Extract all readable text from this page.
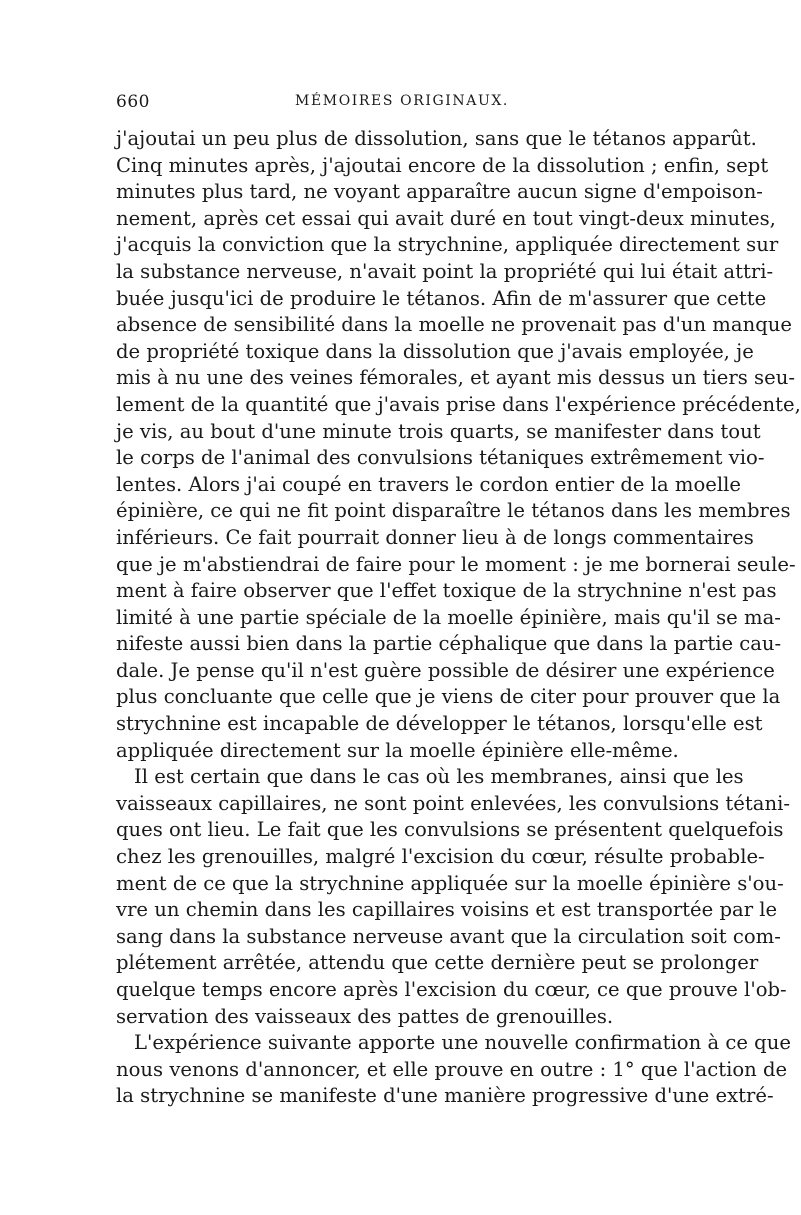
660	MÉMOIRES ORIGINAUX.
j'ajoutai un peu plus de dissolution, sans que le tétanos apparût.
Cinq minutes après, j'ajoutai encore de la dissolution ; enfin, sept
minutes plus tard, ne voyant apparaître aucun signe d'empoison-
nement, après cet essai qui avait duré en tout vingt-deux minutes,
j'acquis la conviction que la strychnine, appliquée directement sur
la substance nerveuse, n'avait point la propriété qui lui était attri-
buée jusqu'ici de produire le tétanos. Afin de m'assurer que cette
absence de sensibilité dans la moelle ne provenait pas d'un manque
de propriété toxique dans la dissolution que j'avais employée, je
mis à nu une des veines fémorales, et ayant mis dessus un tiers seu-
lement de la quantité que j'avais prise dans l'expérience précédente,
je vis, au bout d'une minute trois quarts, se manifester dans tout
le corps de l'animal des convulsions tétaniques extrêmement vio-
lentes. Alors j'ai coupé en travers le cordon entier de la moelle
épinière, ce qui ne fit point disparaître le tétanos dans les membres
inférieurs. Ce fait pourrait donner lieu à de longs commentaires
que je m'abstiendrai de faire pour le moment : je me bornerai seule-
ment à faire observer que l'effet toxique de la strychnine n'est pas
limité à une partie spéciale de la moelle épinière, mais qu'il se ma-
nifeste aussi bien dans la partie céphalique que dans la partie cau-
dale. Je pense qu'il n'est guère possible de désirer une expérience
plus concluante que celle que je viens de citer pour prouver que la
strychnine est incapable de développer le tétanos, lorsqu'elle est
appliquée directement sur la moelle épinière elle-même.
Il est certain que dans le cas où les membranes, ainsi que les
vaisseaux capillaires, ne sont point enlevées, les convulsions tétani-
ques ont lieu. Le fait que les convulsions se présentent quelquefois
chez les grenouilles, malgré l'excision du cœur, résulte probable-
ment de ce que la strychnine appliquée sur la moelle épinière s'ou-
vre un chemin dans les capillaires voisins et est transportée par le
sang dans la substance nerveuse avant que la circulation soit com-
plétement arrêtée, attendu que cette dernière peut se prolonger
quelque temps encore après l'excision du cœur, ce que prouve l'ob-
servation des vaisseaux des pattes de grenouilles.
L'expérience suivante apporte une nouvelle confirmation à ce que
nous venons d'annoncer, et elle prouve en outre : 1° que l'action de
la strychnine se manifeste d'une manière progressive d'une extré-
